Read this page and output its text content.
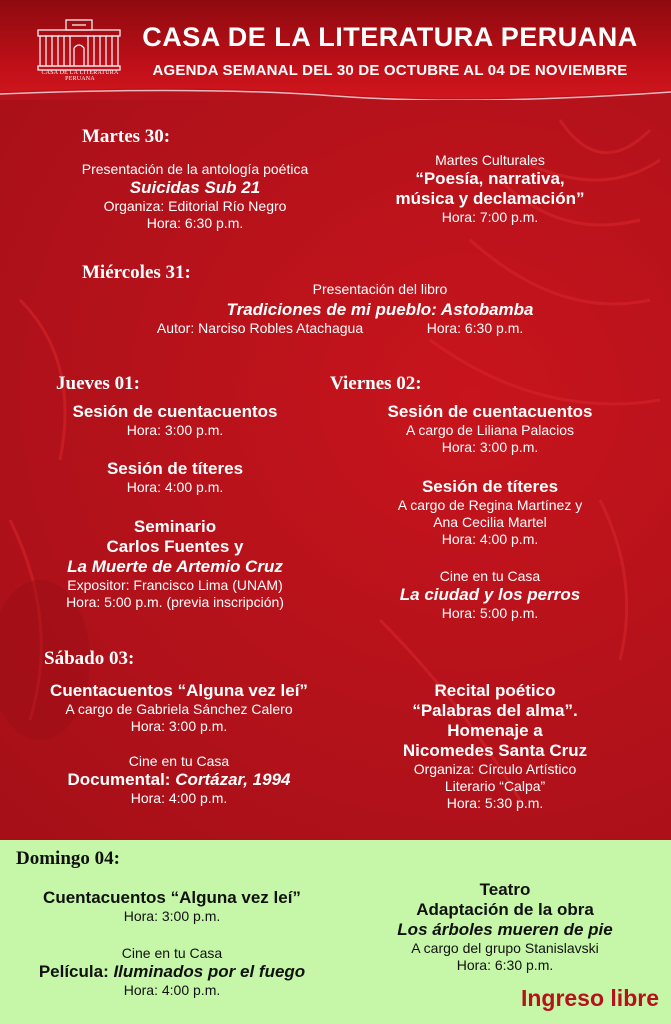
CASA DE LA LITERATURA PERUANA
CASA DE LA LITERATURA PERUANA
AGENDA SEMANAL DEL 30 DE OCTUBRE AL 04 DE NOVIEMBRE
Martes 30:
Presentación de la antología poética
Suicidas Sub 21
Organiza: Editorial Río Negro
Hora: 6:30 p.m.
Martes Culturales
“Poesía, narrativa,
música y declamación”
Hora: 7:00 p.m.
Miércoles 31:
Presentación del libro
Tradiciones de mi pueblo: Astobamba
Autor: Narciso Robles Atachagua	Hora: 6:30 p.m.
Jueves 01:
Sesión de cuentacuentos
Hora: 3:00 p.m.
Sesión de títeres
Hora: 4:00 p.m.
Seminario
Carlos Fuentes y
La Muerte de Artemio Cruz
Expositor: Francisco Lima (UNAM)
Hora: 5:00 p.m. (previa inscripción)
Viernes 02:
Sesión de cuentacuentos
A cargo de Liliana Palacios
Hora: 3:00 p.m.
Sesión de títeres
A cargo de Regina Martínez y
Ana Cecilia Martel
Hora: 4:00 p.m.
Cine en tu Casa
La ciudad y los perros
Hora: 5:00 p.m.
Sábado 03:
Cuentacuentos “Alguna vez leí”
A cargo de Gabriela Sánchez Calero
Hora: 3:00 p.m.
Cine en tu Casa
Documental: Cortázar, 1994
Hora: 4:00 p.m.
Recital poético
“Palabras del alma”.
Homenaje a
Nicomedes Santa Cruz
Organiza: Círculo Artístico
Literario “Calpa”
Hora: 5:30 p.m.
Domingo 04:
Cuentacuentos “Alguna vez leí”
Hora: 3:00 p.m.
Cine en tu Casa
Película: Iluminados por el fuego
Hora: 4:00 p.m.
Teatro
Adaptación de la obra
Los árboles mueren de pie
A cargo del grupo Stanislavski
Hora: 6:30 p.m.
Ingreso libre
